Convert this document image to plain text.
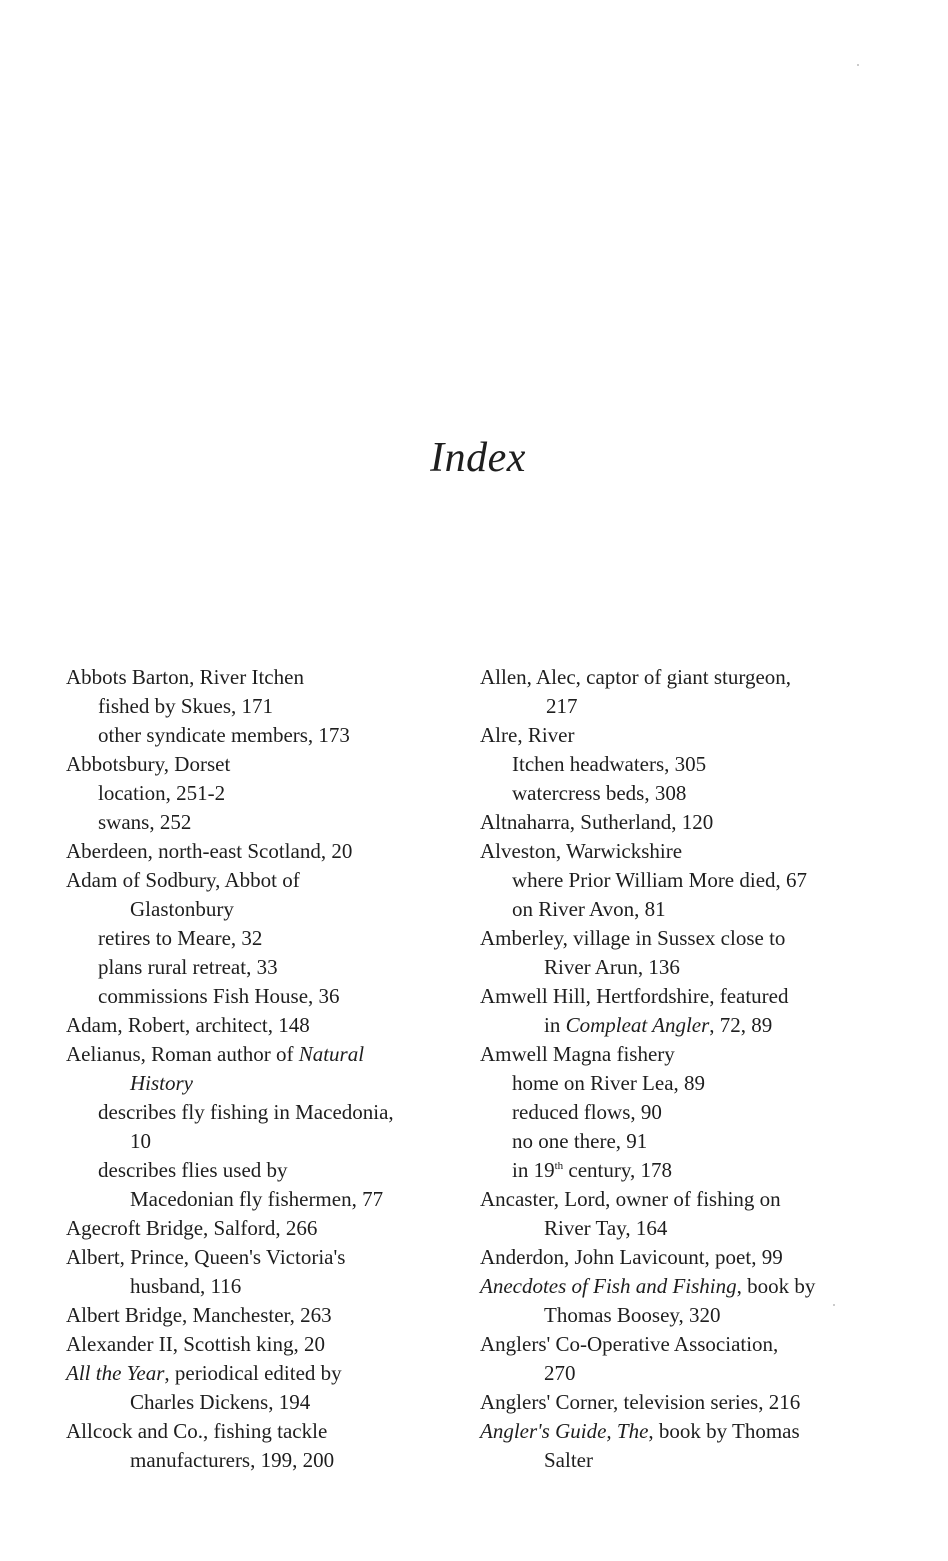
Index
Abbots Barton, River Itchen
fished by Skues, 171
other syndicate members, 173
Abbotsbury, Dorset
location, 251-2
swans, 252
Aberdeen, north-east Scotland, 20
Adam of Sodbury, Abbot of
Glastonbury
retires to Meare, 32
plans rural retreat, 33
commissions Fish House, 36
Adam, Robert, architect, 148
Aelianus, Roman author of Natural
History
describes fly fishing in Macedonia,
10
describes flies used by
Macedonian fly fishermen, 77
Agecroft Bridge, Salford, 266
Albert, Prince, Queen's Victoria's
husband, 116
Albert Bridge, Manchester, 263
Alexander II, Scottish king, 20
All the Year, periodical edited by
Charles Dickens, 194
Allcock and Co., fishing tackle
manufacturers, 199, 200
Allen, Alec, captor of giant sturgeon,
217
Alre, River
Itchen headwaters, 305
watercress beds, 308
Altnaharra, Sutherland, 120
Alveston, Warwickshire
where Prior William More died, 67
on River Avon, 81
Amberley, village in Sussex close to
River Arun, 136
Amwell Hill, Hertfordshire, featured
in Compleat Angler, 72, 89
Amwell Magna fishery
home on River Lea, 89
reduced flows, 90
no one there, 91
in 19th century, 178
Ancaster, Lord, owner of fishing on
River Tay, 164
Anderdon, John Lavicount, poet, 99
Anecdotes of Fish and Fishing, book by
Thomas Boosey, 320
Anglers' Co-Operative Association,
270
Anglers' Corner, television series, 216
Angler's Guide, The, book by Thomas
Salter
